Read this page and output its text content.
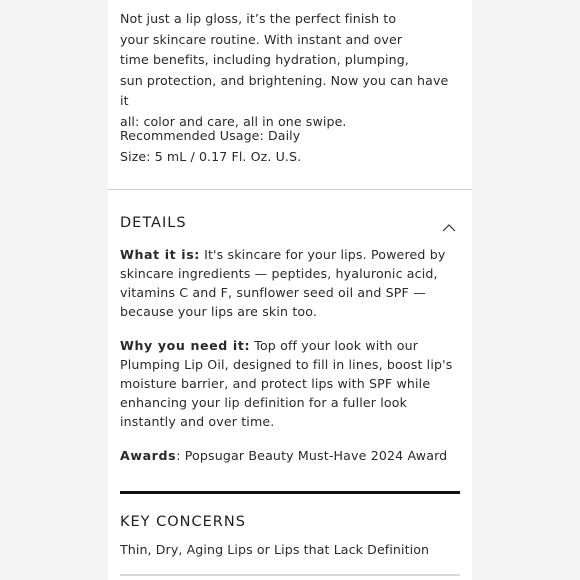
Not just a lip gloss, it’s the perfect finish to

your skincare routine. With instant and over

time benefits, including hydration, plumping,

sun protection, and brightening. Now you can have it

all: color and care, all in one swipe.

Recommended Usage: Daily

Size: 5 mL / 0.17 Fl. Oz. U.S.

DETAILS

What it is: It's skincare for your lips. Powered by skincare ingredients — peptides, hyaluronic acid, vitamins C and F, sunflower seed oil and SPF — because your lips are skin too.

Why you need it: Top off your look with our Plumping Lip Oil, designed to fill in lines, boost lip's moisture barrier, and protect lips with SPF while enhancing your lip definition for a fuller look instantly and over time.

Awards: Popsugar Beauty Must-Have 2024 Award

KEY CONCERNS
Thin, Dry, Aging Lips or Lips that Lack Definition
